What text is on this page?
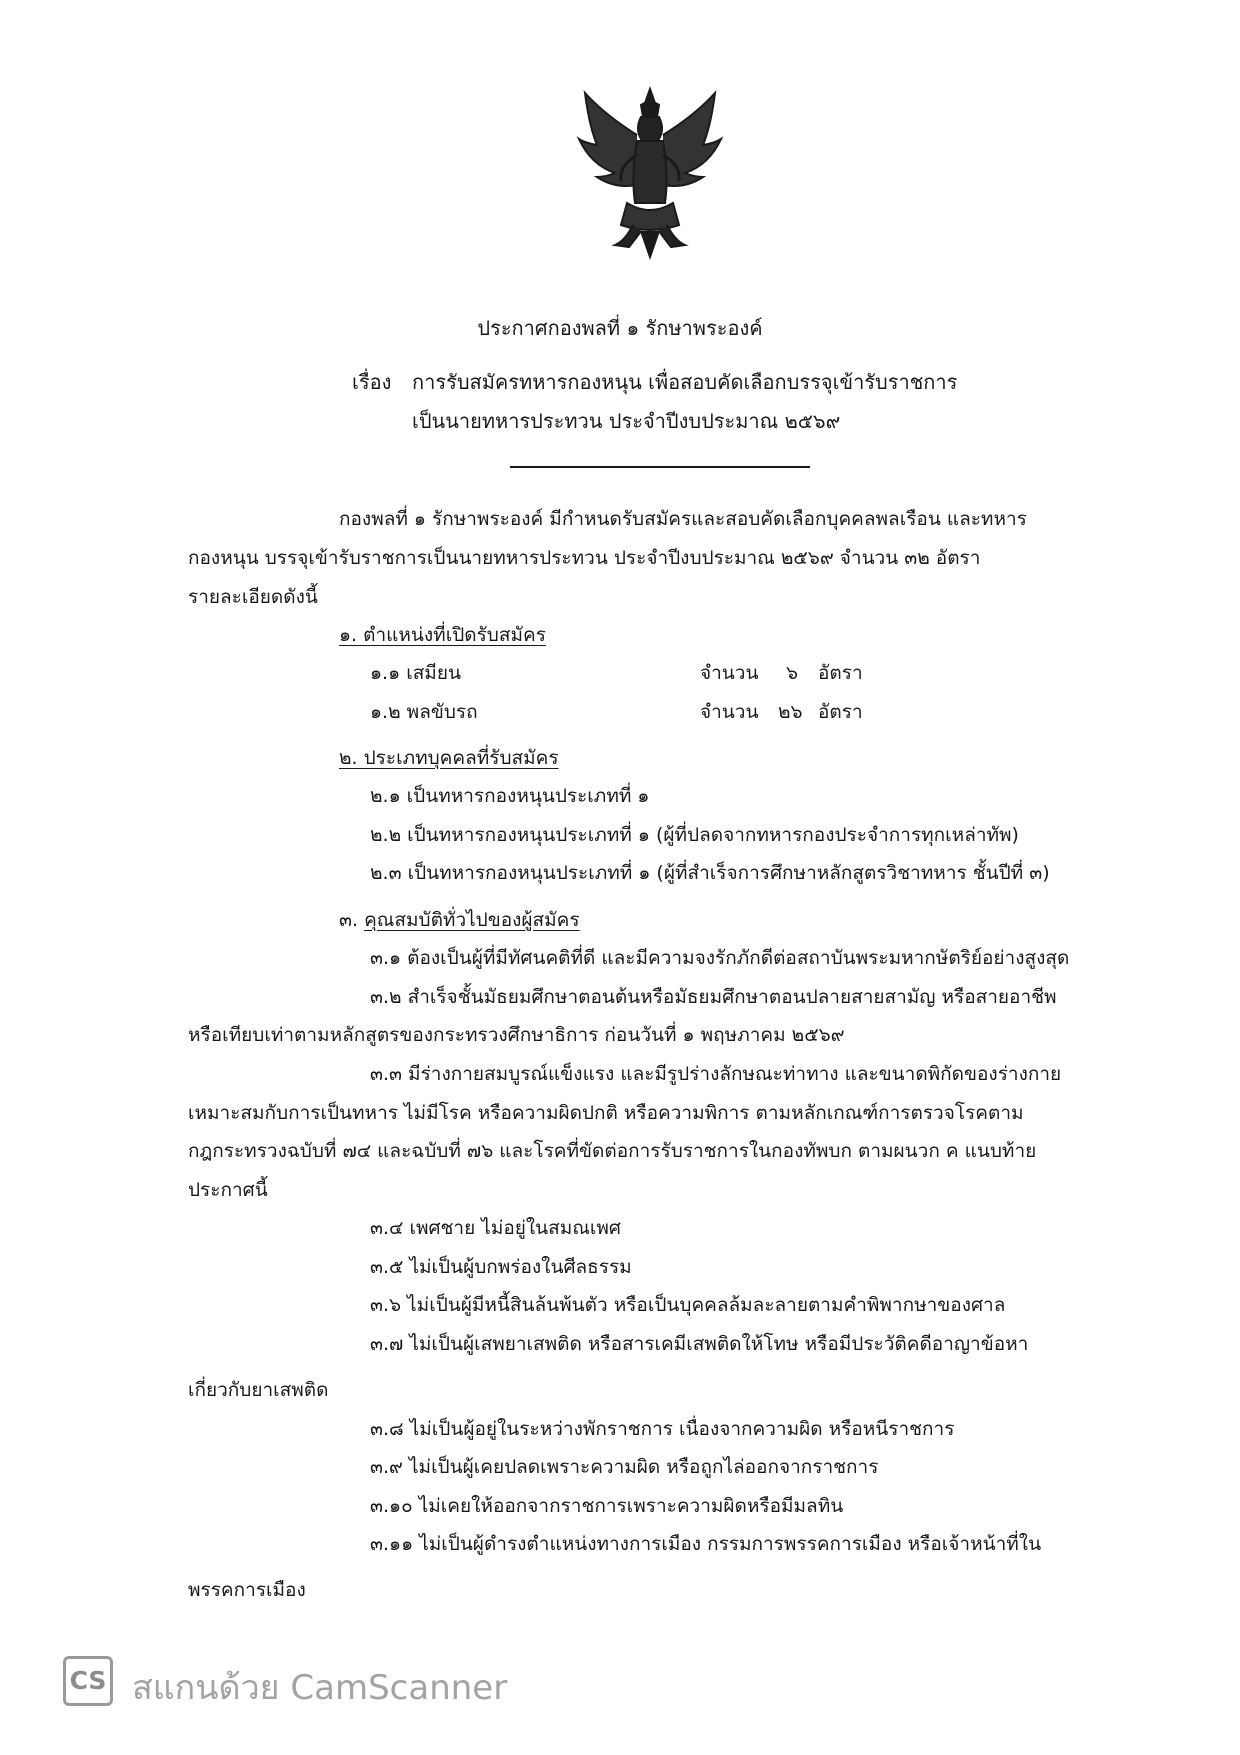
ประกาศกองพลที่ ๑ รักษาพระองค์
เรื่อง การรับสมัครทหารกองหนุน เพื่อสอบคัดเลือกบรรจุเข้ารับราชการ
เป็นนายทหารประทวน ประจำปีงบประมาณ ๒๕๖๙
กองพลที่ ๑ รักษาพระองค์ มีกำหนดรับสมัครและสอบคัดเลือกบุคคลพลเรือน และทหาร
กองหนุน บรรจุเข้ารับราชการเป็นนายทหารประทวน ประจำปีงบประมาณ ๒๕๖๙ จำนวน ๓๒ อัตรา
รายละเอียดดังนี้
๑. ตำแหน่งที่เปิดรับสมัคร
๑.๑ เสมียน	จำนวน ๖ อัตรา
๑.๒ พลขับรถ	จำนวน ๒๖ อัตรา
๒. ประเภทบุคคลที่รับสมัคร
๒.๑ เป็นทหารกองหนุนประเภทที่ ๑
๒.๒ เป็นทหารกองหนุนประเภทที่ ๑ (ผู้ที่ปลดจากทหารกองประจำการทุกเหล่าทัพ)
๒.๓ เป็นทหารกองหนุนประเภทที่ ๑ (ผู้ที่สำเร็จการศึกษาหลักสูตรวิชาทหาร ชั้นปีที่ ๓)
๓. คุณสมบัติทั่วไปของผู้สมัคร
๓.๑ ต้องเป็นผู้ที่มีทัศนคติที่ดี และมีความจงรักภักดีต่อสถาบันพระมหากษัตริย์อย่างสูงสุด
๓.๒ สำเร็จชั้นมัธยมศึกษาตอนต้นหรือมัธยมศึกษาตอนปลายสายสามัญ หรือสายอาชีพ
หรือเทียบเท่าตามหลักสูตรของกระทรวงศึกษาธิการ ก่อนวันที่ ๑ พฤษภาคม ๒๕๖๙
๓.๓ มีร่างกายสมบูรณ์แข็งแรง และมีรูปร่างลักษณะท่าทาง และขนาดพิกัดของร่างกาย
เหมาะสมกับการเป็นทหาร ไม่มีโรค หรือความผิดปกติ หรือความพิการ ตามหลักเกณฑ์การตรวจโรคตาม
กฎกระทรวงฉบับที่ ๗๔ และฉบับที่ ๗๖ และโรคที่ขัดต่อการรับราชการในกองทัพบก ตามผนวก ค แนบท้าย
ประกาศนี้
๓.๔ เพศชาย ไม่อยู่ในสมณเพศ
๓.๕ ไม่เป็นผู้บกพร่องในศีลธรรม
๓.๖ ไม่เป็นผู้มีหนี้สินล้นพ้นตัว หรือเป็นบุคคลล้มละลายตามคำพิพากษาของศาล
๓.๗ ไม่เป็นผู้เสพยาเสพติด หรือสารเคมีเสพติดให้โทษ หรือมีประวัติคดีอาญาข้อหา
เกี่ยวกับยาเสพติด
๓.๘ ไม่เป็นผู้อยู่ในระหว่างพักราชการ เนื่องจากความผิด หรือหนีราชการ
๓.๙ ไม่เป็นผู้เคยปลดเพราะความผิด หรือถูกไล่ออกจากราชการ
๓.๑๐ ไม่เคยให้ออกจากราชการเพราะความผิดหรือมีมลทิน
๓.๑๑ ไม่เป็นผู้ดำรงตำแหน่งทางการเมือง กรรมการพรรคการเมือง หรือเจ้าหน้าที่ใน
พรรคการเมือง
CS สแกนด้วย CamScanner
